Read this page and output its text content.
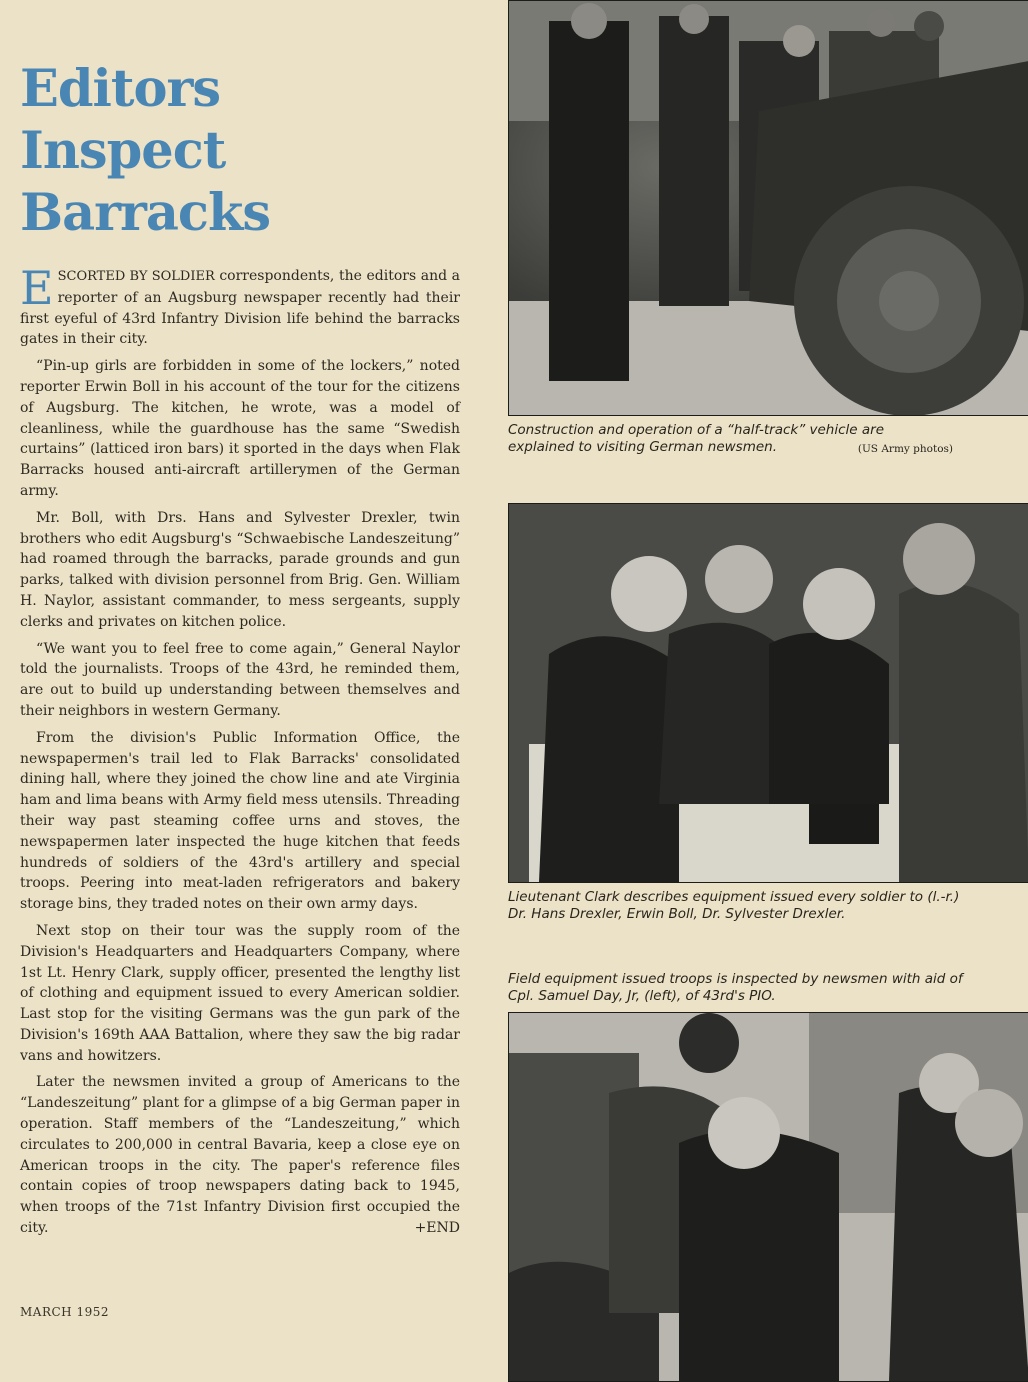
Editors
Inspect
Barracks

ESCORTED BY SOLDIER correspondents, the editors and a reporter of an Augsburg newspaper recently had their first eyeful of 43rd Infantry Division life behind the barracks gates in their city.

“Pin-up girls are forbidden in some of the lockers,” noted reporter Erwin Boll in his account of the tour for the citizens of Augsburg. The kitchen, he wrote, was a model of cleanliness, while the guardhouse has the same “Swedish curtains” (latticed iron bars) it sported in the days when Flak Barracks housed anti-aircraft artillerymen of the German army.

Mr. Boll, with Drs. Hans and Sylvester Drexler, twin brothers who edit Augsburg's “Schwaebische Landeszeitung” had roamed through the barracks, parade grounds and gun parks, talked with division personnel from Brig. Gen. William H. Naylor, assistant commander, to mess sergeants, supply clerks and privates on kitchen police.

“We want you to feel free to come again,” General Naylor told the journalists. Troops of the 43rd, he reminded them, are out to build up understanding between themselves and their neighbors in western Germany.

From the division's Public Information Office, the newspapermen's trail led to Flak Barracks' consolidated dining hall, where they joined the chow line and ate Virginia ham and lima beans with Army field mess utensils. Threading their way past steaming coffee urns and stoves, the newspapermen later inspected the huge kitchen that feeds hundreds of soldiers of the 43rd's artillery and special troops. Peering into meat-laden refrigerators and bakery storage bins, they traded notes on their own army days.

Next stop on their tour was the supply room of the Division's Headquarters and Headquarters Company, where 1st Lt. Henry Clark, supply officer, presented the lengthy list of clothing and equipment issued to every American soldier. Last stop for the visiting Germans was the gun park of the Division's 169th AAA Battalion, where they saw the big radar vans and howitzers.

Later the newsmen invited a group of Americans to the “Landeszeitung” plant for a glimpse of a big German paper in operation. Staff members of the “Landeszeitung,” which circulates to 200,000 in central Bavaria, keep a close eye on American troops in the city. The paper's reference files contain copies of troop newspapers dating back to 1945, when troops of the 71st Infantry Division first occupied the city.	+END

Construction and operation of a “half-track” vehicle are explained to visiting German newsmen.	(US Army photos)
Lieutenant Clark describes equipment issued every soldier to (l.-r.) Dr. Hans Drexler, Erwin Boll, Dr. Sylvester Drexler.
Field equipment issued troops is inspected by newsmen with aid of Cpl. Samuel Day, Jr, (left), of 43rd's PIO.
MARCH 1952
